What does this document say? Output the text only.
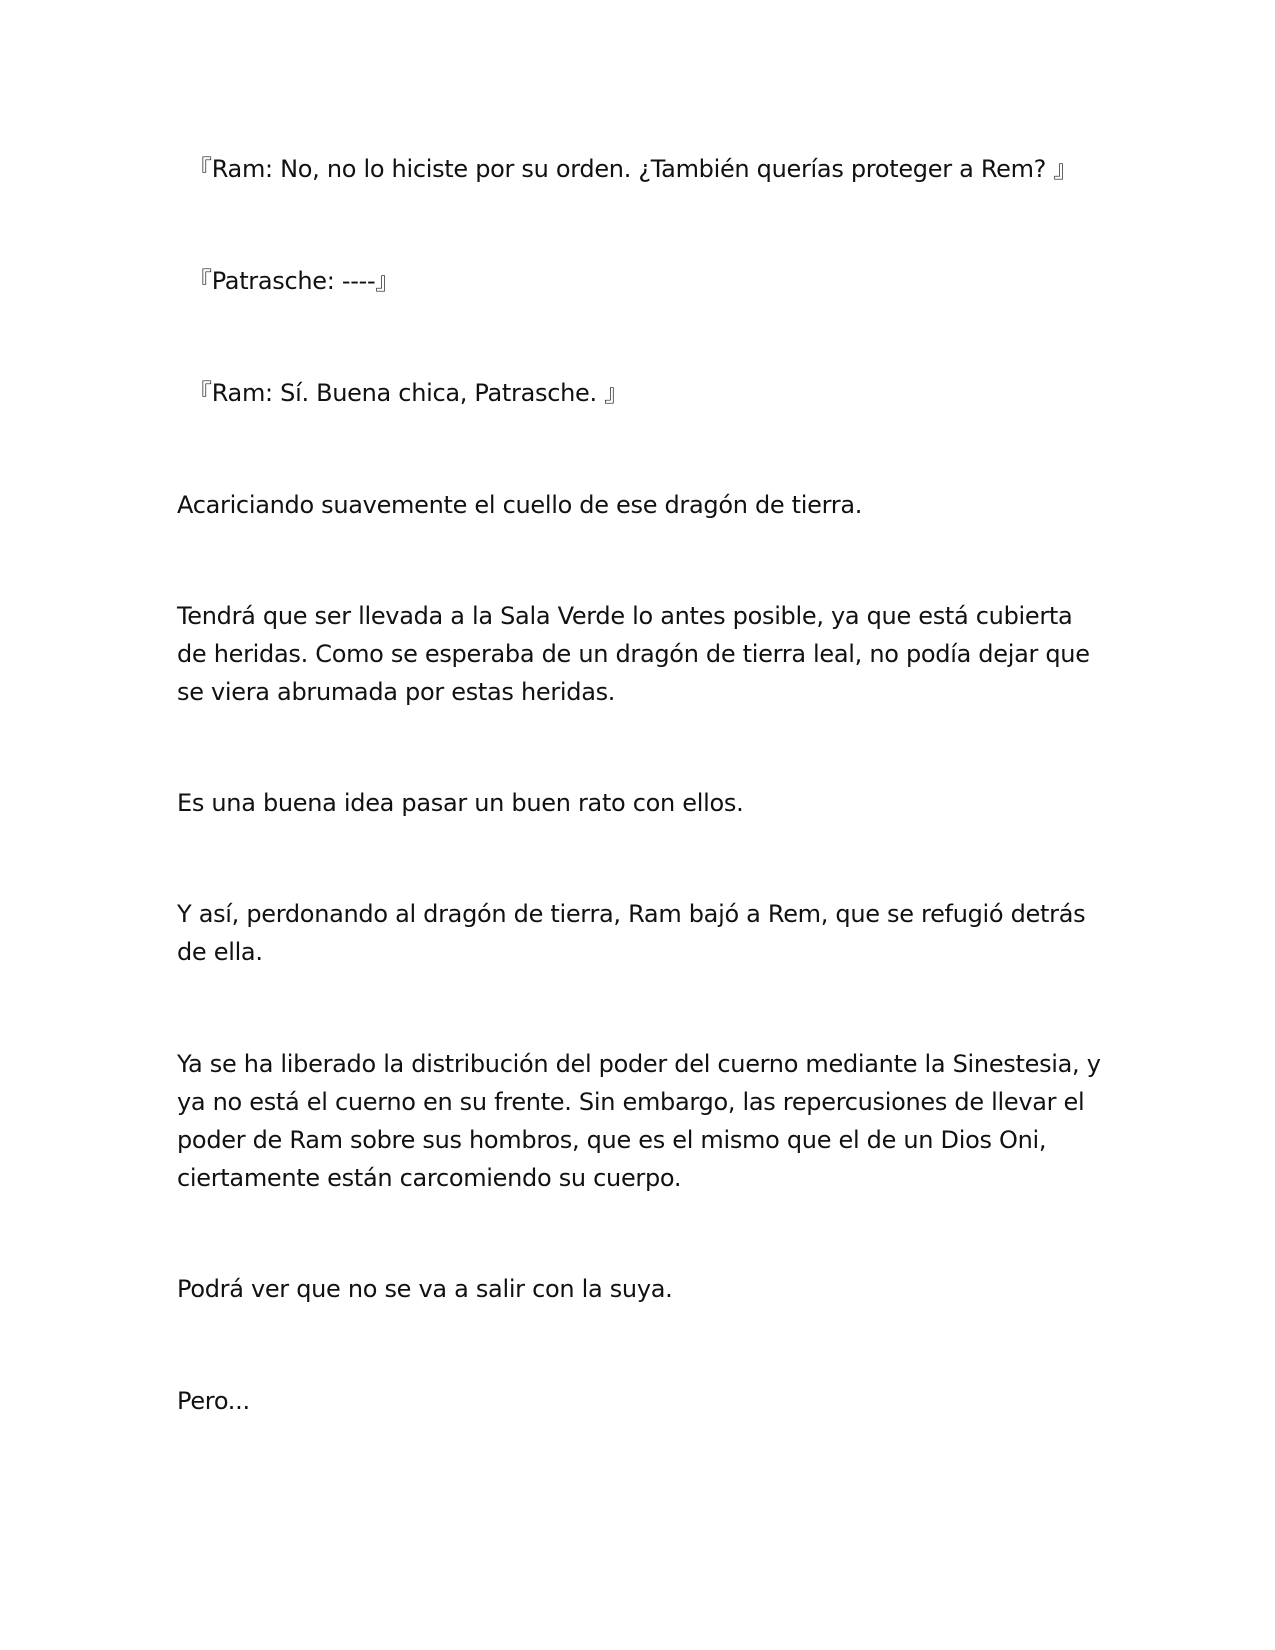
『Ram: No, no lo hiciste por su orden. ¿También querías proteger a Rem? 』

『Patrasche: ----』

『Ram: Sí. Buena chica, Patrasche. 』

Acariciando suavemente el cuello de ese dragón de tierra.

Tendrá que ser llevada a la Sala Verde lo antes posible, ya que está cubierta de heridas. Como se esperaba de un dragón de tierra leal, no podía dejar que se viera abrumada por estas heridas.

Es una buena idea pasar un buen rato con ellos.

Y así, perdonando al dragón de tierra, Ram bajó a Rem, que se refugió detrás de ella.

Ya se ha liberado la distribución del poder del cuerno mediante la Sinestesia, y ya no está el cuerno en su frente. Sin embargo, las repercusiones de llevar el poder de Ram sobre sus hombros, que es el mismo que el de un Dios Oni, ciertamente están carcomiendo su cuerpo.

Podrá ver que no se va a salir con la suya.

Pero...
